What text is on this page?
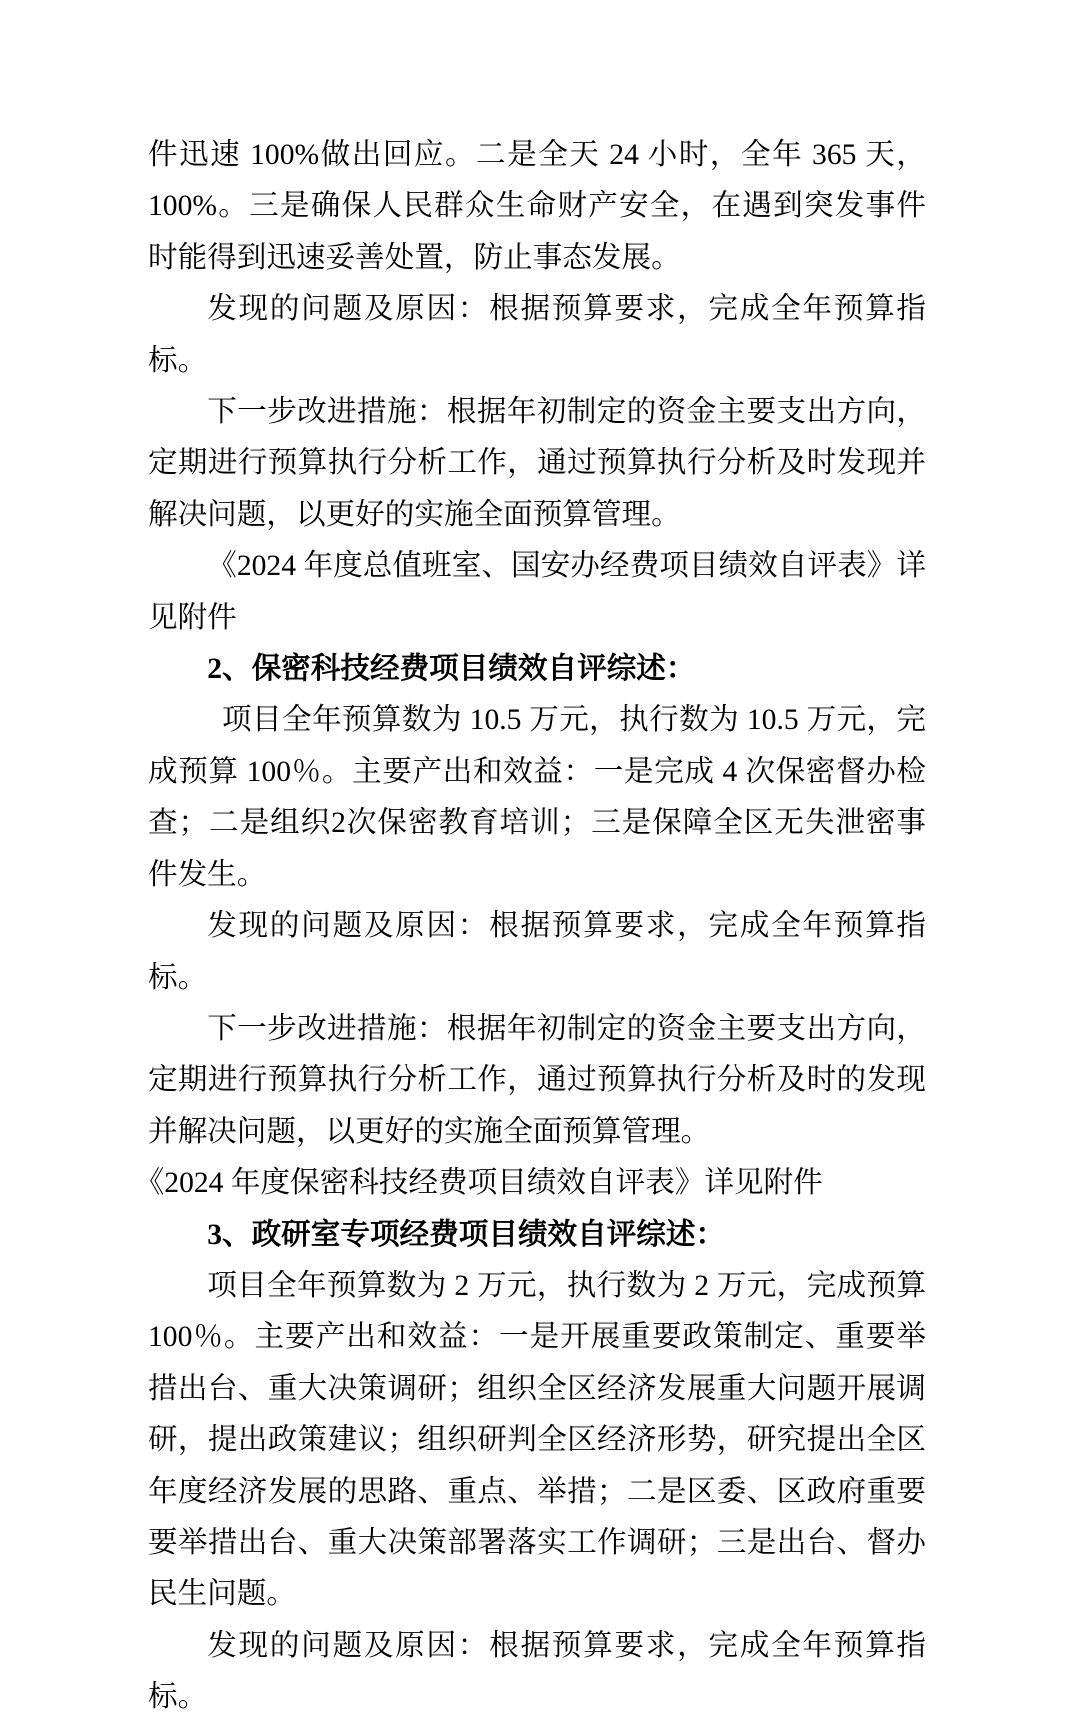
件迅速 100%做出回应。二是全天 24 小时，全年 365 天，100%。三是确保人民群众生命财产安全，在遇到突发事件时能得到迅速妥善处置，防止事态发展。

发现的问题及原因：根据预算要求，完成全年预算指标。

下一步改进措施：根据年初制定的资金主要支出方向，定期进行预算执行分析工作，通过预算执行分析及时发现并解决问题，以更好的实施全面预算管理。

《2024 年度总值班室、国安办经费项目绩效自评表》详见附件

2、保密科技经费项目绩效自评综述：

项目全年预算数为 10.5 万元，执行数为 10.5 万元，完成预算 100％。主要产出和效益：一是完成 4 次保密督办检查；二是组织2次保密教育培训；三是保障全区无失泄密事件发生。

发现的问题及原因：根据预算要求，完成全年预算指标。

下一步改进措施：根据年初制定的资金主要支出方向，定期进行预算执行分析工作，通过预算执行分析及时的发现并解决问题，以更好的实施全面预算管理。

《2024 年度保密科技经费项目绩效自评表》详见附件

3、政研室专项经费项目绩效自评综述：

项目全年预算数为 2 万元，执行数为 2 万元，完成预算 100％。主要产出和效益：一是开展重要政策制定、重要举措出台、重大决策调研；组织全区经济发展重大问题开展调研，提出政策建议；组织研判全区经济形势，研究提出全区年度经济发展的思路、重点、举措；二是区委、区政府重要要举措出台、重大决策部署落实工作调研；三是出台、督办民生问题。

发现的问题及原因：根据预算要求，完成全年预算指标。
